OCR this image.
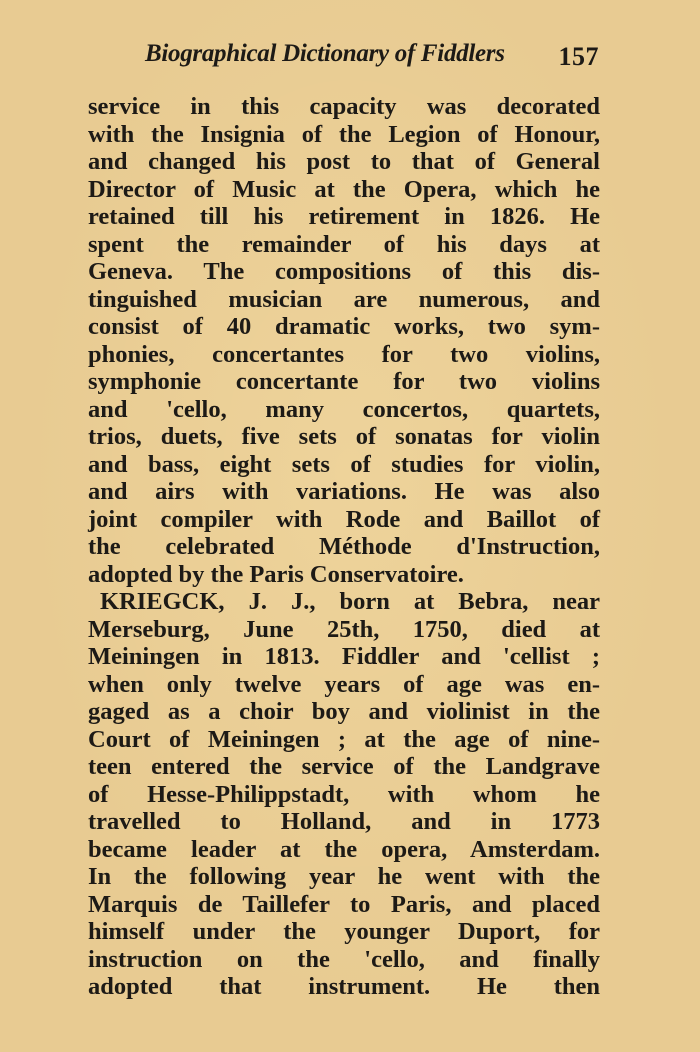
Biographical Dictionary of Fiddlers 157
service in this capacity was decorated
with the Insignia of the Legion of Honour,
and changed his post to that of General
Director of Music at the Opera, which he
retained till his retirement in 1826. He
spent the remainder of his days at
Geneva. The compositions of this dis-
tinguished musician are numerous, and
consist of 40 dramatic works, two sym-
phonies, concertantes for two violins,
symphonie concertante for two violins
and 'cello, many concertos, quartets,
trios, duets, five sets of sonatas for violin
and bass, eight sets of studies for violin,
and airs with variations. He was also
joint compiler with Rode and Baillot of
the celebrated Méthode d'Instruction,
adopted by the Paris Conservatoire.
KRIEGCK, J. J., born at Bebra, near
Merseburg, June 25th, 1750, died at
Meiningen in 1813. Fiddler and 'cellist ;
when only twelve years of age was en-
gaged as a choir boy and violinist in the
Court of Meiningen ; at the age of nine-
teen entered the service of the Landgrave
of Hesse-Philippstadt, with whom he
travelled to Holland, and in 1773
became leader at the opera, Amsterdam.
In the following year he went with the
Marquis de Taillefer to Paris, and placed
himself under the younger Duport, for
instruction on the 'cello, and finally
adopted that instrument. He then
